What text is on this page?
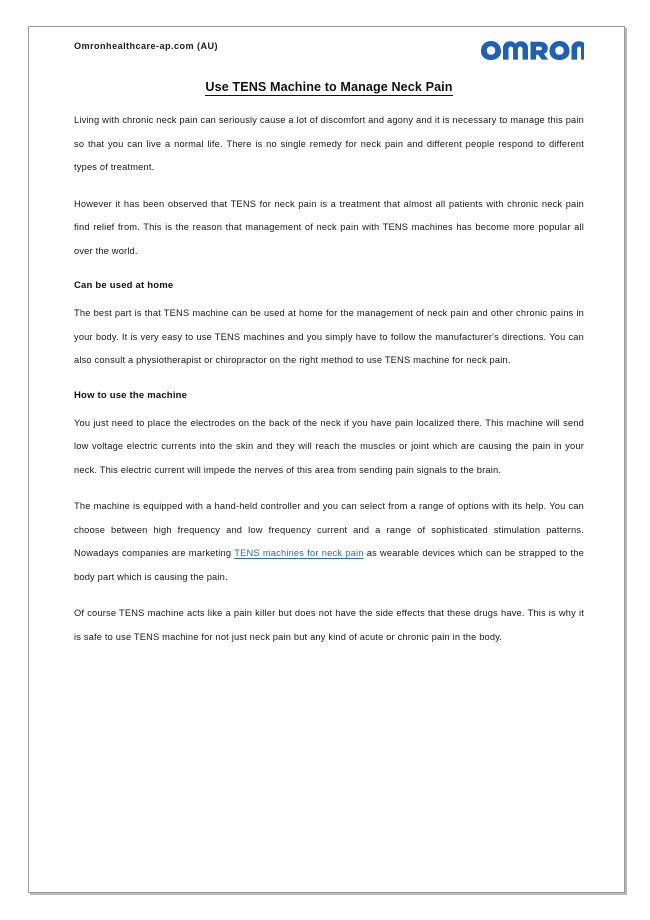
Omronhealthcare-ap.com (AU)
Use TENS Machine to Manage Neck Pain

Living with chronic neck pain can seriously cause a lot of discomfort and agony and it is necessary to manage this pain so that you can live a normal life. There is no single remedy for neck pain and different people respond to different types of treatment.

However it has been observed that TENS for neck pain is a treatment that almost all patients with chronic neck pain find relief from. This is the reason that management of neck pain with TENS machines has become more popular all over the world.

Can be used at home

The best part is that TENS machine can be used at home for the management of neck pain and other chronic pains in your body. It is very easy to use TENS machines and you simply have to follow the manufacturer's directions. You can also consult a physiotherapist or chiropractor on the right method to use TENS machine for neck pain.

How to use the machine

You just need to place the electrodes on the back of the neck if you have pain localized there. This machine will send low voltage electric currents into the skin and they will reach the muscles or joint which are causing the pain in your neck. This electric current will impede the nerves of this area from sending pain signals to the brain.

The machine is equipped with a hand-held controller and you can select from a range of options with its help. You can choose between high frequency and low frequency current and a range of sophisticated stimulation patterns. Nowadays companies are marketing TENS machines for neck pain as wearable devices which can be strapped to the body part which is causing the pain.

Of course TENS machine acts like a pain killer but does not have the side effects that these drugs have. This is why it is safe to use TENS machine for not just neck pain but any kind of acute or chronic pain in the body.
